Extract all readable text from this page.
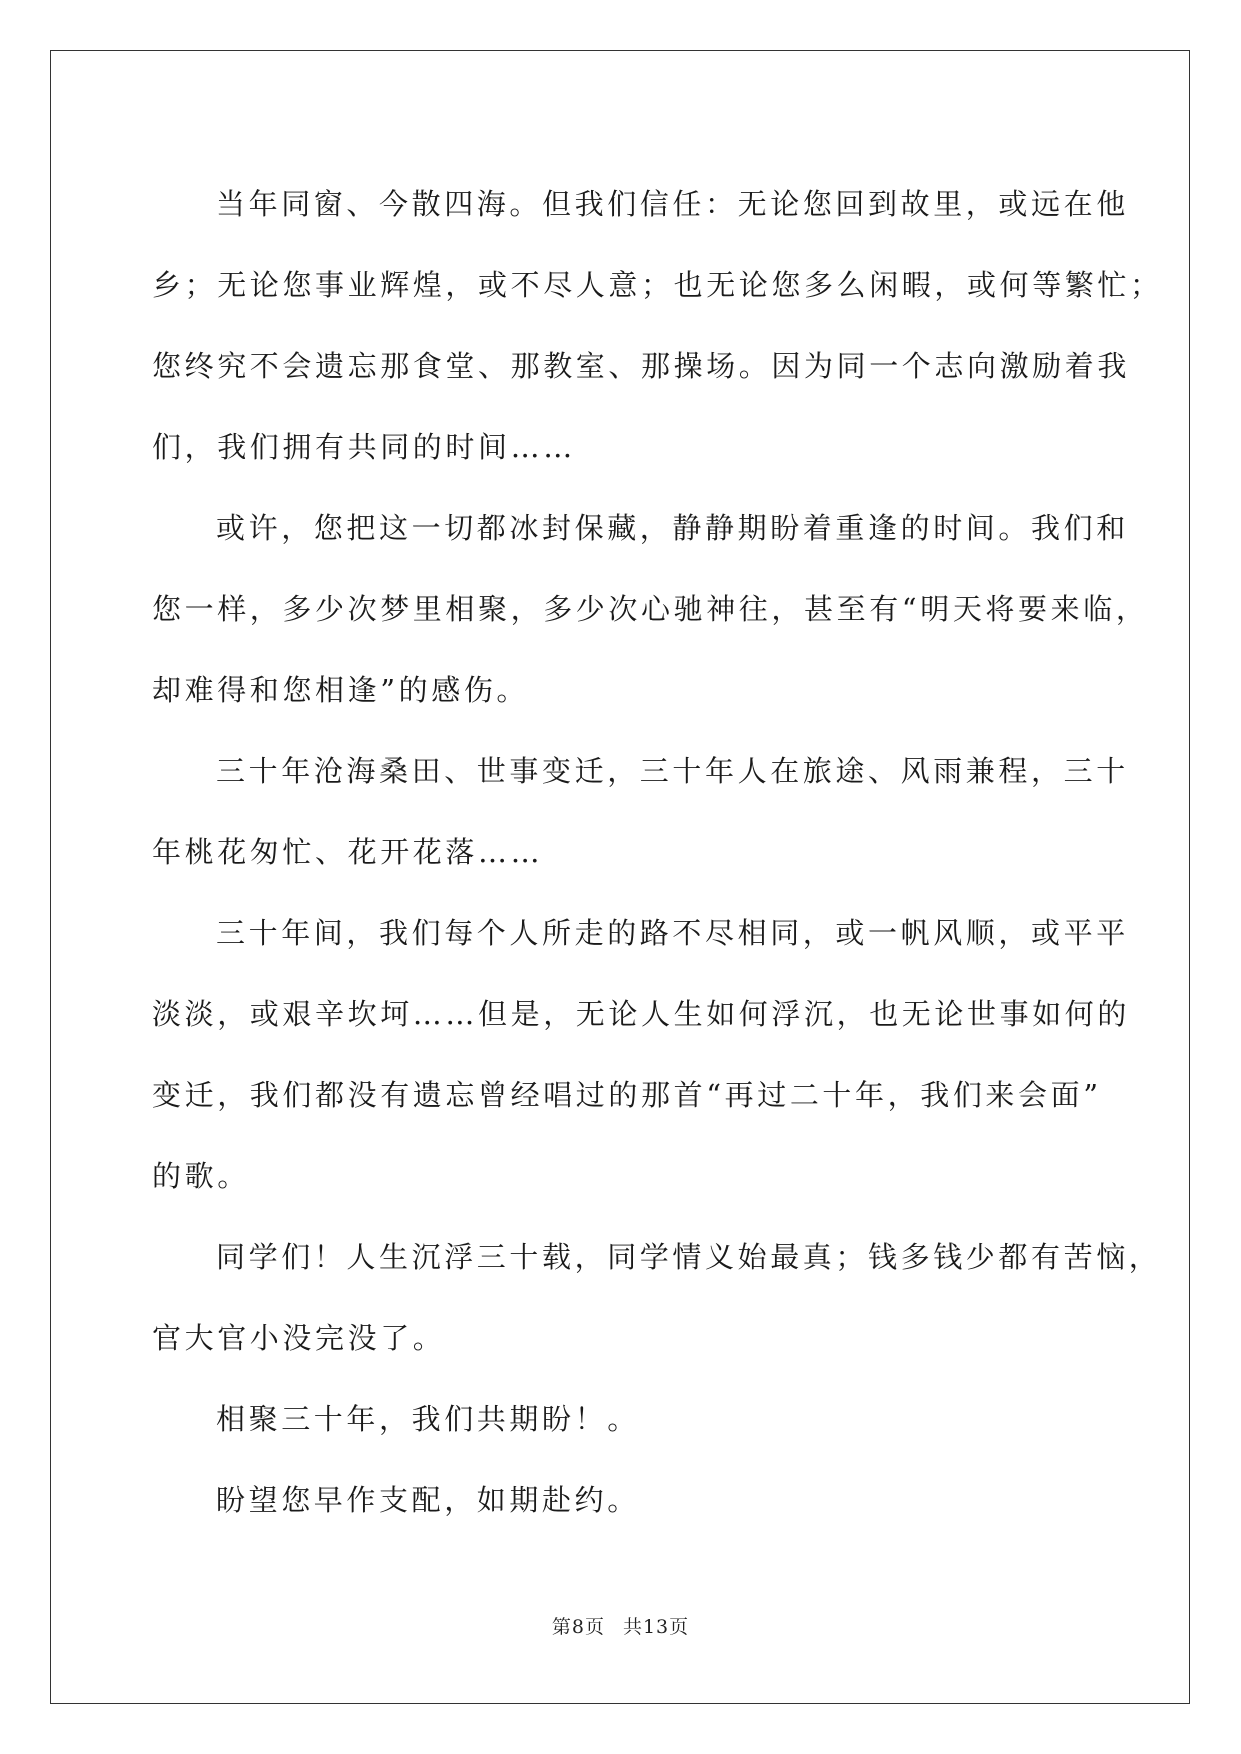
当年同窗、今散四海。但我们信任：无论您回到故里，或远在他
乡；无论您事业辉煌，或不尽人意；也无论您多么闲暇，或何等繁忙；
您终究不会遗忘那食堂、那教室、那操场。因为同一个志向激励着我
们，我们拥有共同的时间……

或许，您把这一切都冰封保藏，静静期盼着重逢的时间。我们和
您一样，多少次梦里相聚，多少次心驰神往，甚至有“明天将要来临，
却难得和您相逢”的感伤。

三十年沧海桑田、世事变迁，三十年人在旅途、风雨兼程，三十
年桃花匆忙、花开花落……

三十年间，我们每个人所走的路不尽相同，或一帆风顺，或平平
淡淡，或艰辛坎坷……但是，无论人生如何浮沉，也无论世事如何的
变迁，我们都没有遗忘曾经唱过的那首“再过二十年，我们来会面”
的歌。

同学们！人生沉浮三十载，同学情义始最真；钱多钱少都有苦恼，
官大官小没完没了。

相聚三十年，我们共期盼！。

盼望您早作支配，如期赴约。

第8页 共13页
